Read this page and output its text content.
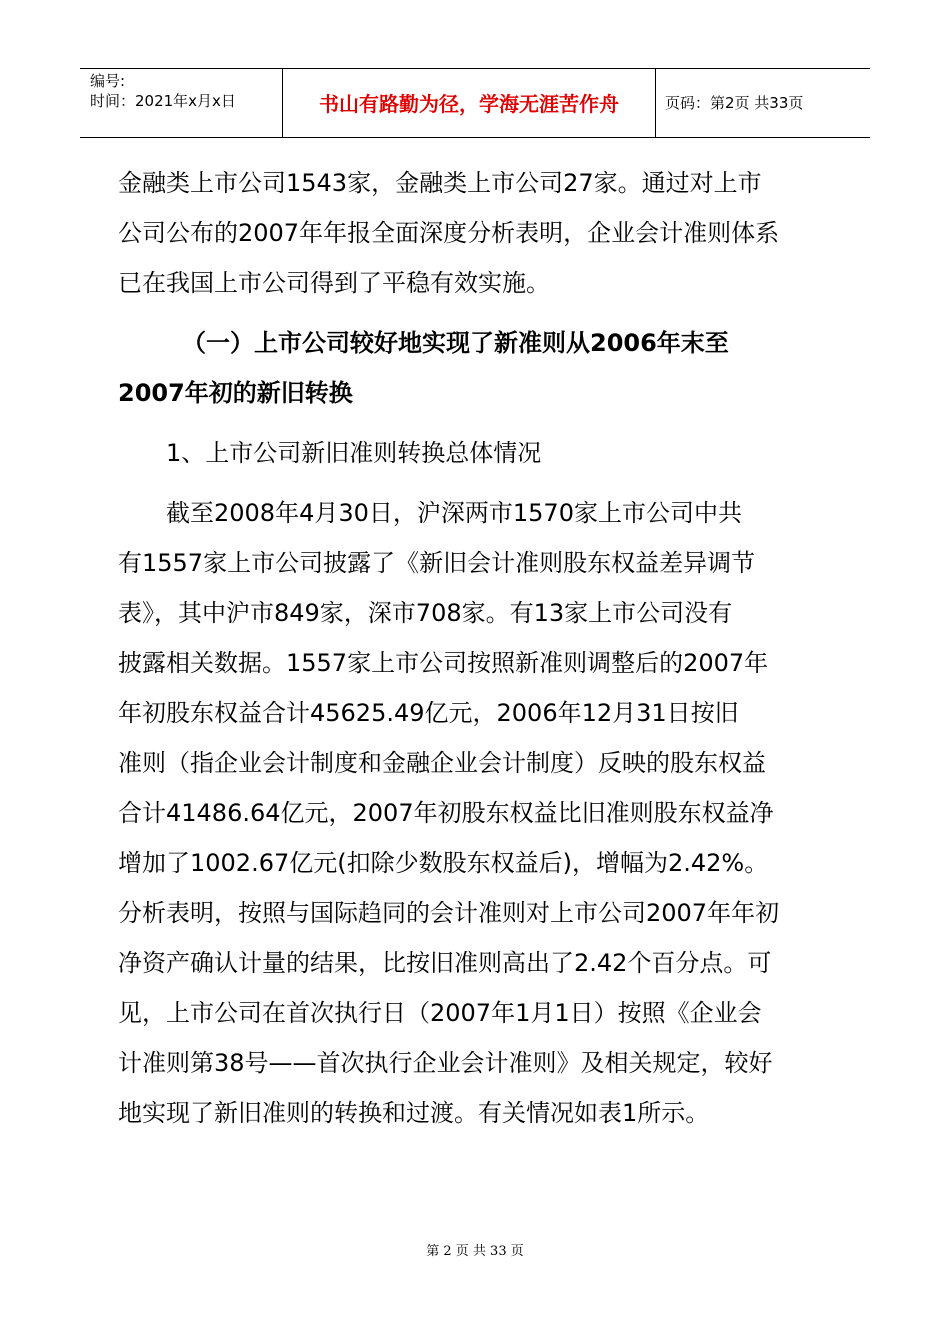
编号:
时间：2021年x月x日	书山有路勤为径，学海无涯苦作舟	页码：第2页 共33页
金融类上市公司1543家，金融类上市公司27家。通过对上市
公司公布的2007年年报全面深度分析表明，企业会计准则体系
已在我国上市公司得到了平稳有效实施。
（一）上市公司较好地实现了新准则从2006年末至
2007年初的新旧转换
1、上市公司新旧准则转换总体情况
截至2008年4月30日，沪深两市1570家上市公司中共
有1557家上市公司披露了《新旧会计准则股东权益差异调节
表》，其中沪市849家，深市708家。有13家上市公司没有
披露相关数据。1557家上市公司按照新准则调整后的2007年
年初股东权益合计45625.49亿元，2006年12月31日按旧
准则（指企业会计制度和金融企业会计制度）反映的股东权益
合计41486.64亿元，2007年初股东权益比旧准则股东权益净
增加了1002.67亿元(扣除少数股东权益后)，增幅为2.42%。
分析表明，按照与国际趋同的会计准则对上市公司2007年年初
净资产确认计量的结果，比按旧准则高出了2.42个百分点。可
见，上市公司在首次执行日（2007年1月1日）按照《企业会
计准则第38号——首次执行企业会计准则》及相关规定，较好
地实现了新旧准则的转换和过渡。有关情况如表1所示。
第 2 页 共 33 页
